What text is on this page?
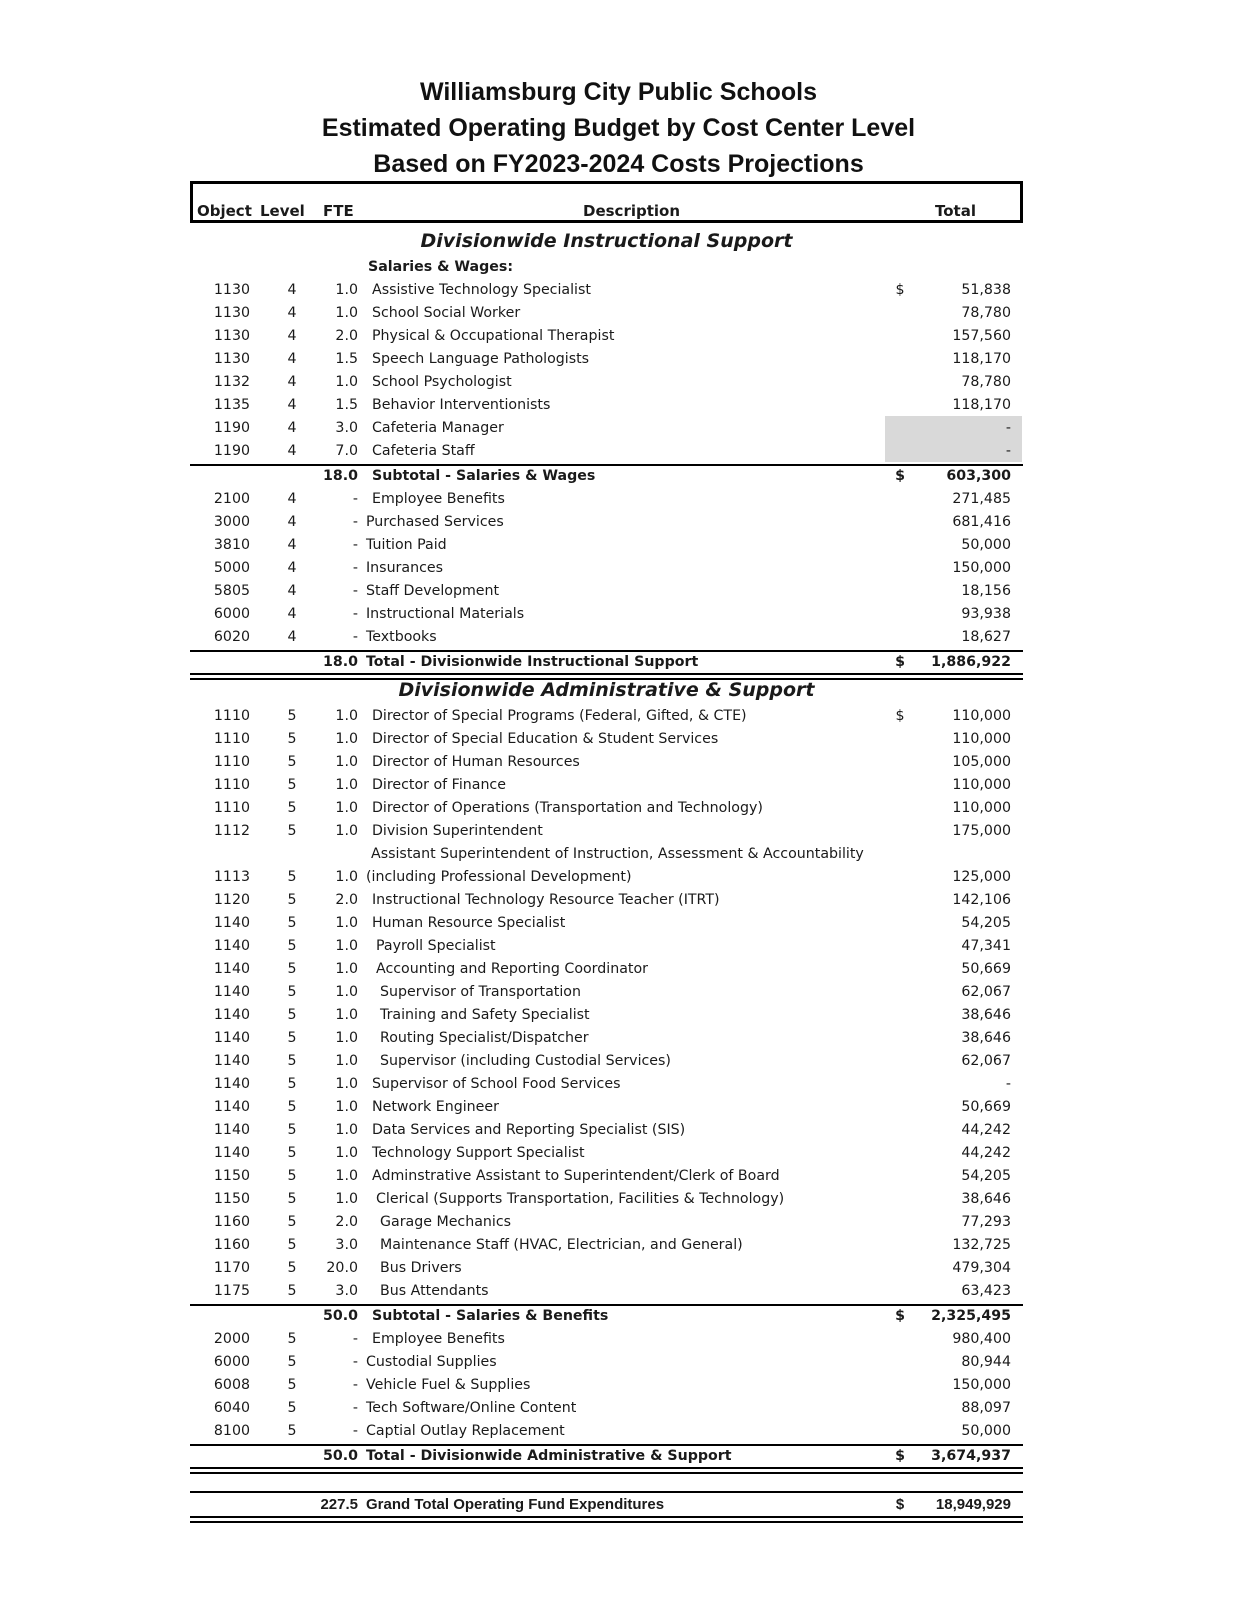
Williamsburg City Public Schools
Estimated Operating Budget by Cost Center Level
Based on FY2023-2024 Costs Projections
Object Level FTE	Description	Total
Divisionwide Instructional Support
Salaries & Wages:
1130	4	1.0 Assistive Technology Specialist	$	51,838
1130	4	1.0 School Social Worker	78,780
1130	4	2.0 Physical & Occupational Therapist	157,560
1130	4	1.5 Speech Language Pathologists	118,170
1132	4	1.0 School Psychologist	78,780
1135	4	1.5 Behavior Interventionists	118,170
1190	4	3.0 Cafeteria Manager	-
1190	4	7.0 Cafeteria Staff	-
18.0 Subtotal - Salaries & Wages	$	603,300
2100	4	- Employee Benefits	271,485
3000	4	- Purchased Services	681,416
3810	4	- Tuition Paid	50,000
5000	4	- Insurances	150,000
5805	4	- Staff Development	18,156
6000	4	- Instructional Materials	93,938
6020	4	- Textbooks	18,627
18.0 Total - Divisionwide Instructional Support	$	1,886,922
Divisionwide Administrative & Support
1110	5	1.0 Director of Special Programs (Federal, Gifted, & CTE)	$	110,000
1110	5	1.0 Director of Special Education & Student Services	110,000
1110	5	1.0 Director of Human Resources	105,000
1110	5	1.0 Director of Finance	110,000
1110	5	1.0 Director of Operations (Transportation and Technology)	110,000
1112	5	1.0 Division Superintendent	175,000
Assistant Superintendent of Instruction, Assessment & Accountability
1113	5	1.0 (including Professional Development)	125,000
1120	5	2.0 Instructional Technology Resource Teacher (ITRT)	142,106
1140	5	1.0 Human Resource Specialist	54,205
1140	5	1.0 Payroll Specialist	47,341
1140	5	1.0 Accounting and Reporting Coordinator	50,669
1140	5	1.0 Supervisor of Transportation	62,067
1140	5	1.0 Training and Safety Specialist	38,646
1140	5	1.0 Routing Specialist/Dispatcher	38,646
1140	5	1.0 Supervisor (including Custodial Services)	62,067
1140	5	1.0 Supervisor of School Food Services	-
1140	5	1.0 Network Engineer	50,669
1140	5	1.0 Data Services and Reporting Specialist (SIS)	44,242
1140	5	1.0 Technology Support Specialist	44,242
1150	5	1.0 Adminstrative Assistant to Superintendent/Clerk of Board	54,205
1150	5	1.0 Clerical (Supports Transportation, Facilities & Technology)	38,646
1160	5	2.0 Garage Mechanics	77,293
1160	5	3.0 Maintenance Staff (HVAC, Electrician, and General)	132,725
1170	5	20.0 Bus Drivers	479,304
1175	5	3.0 Bus Attendants	63,423
50.0 Subtotal - Salaries & Benefits	$	2,325,495
2000	5	- Employee Benefits	980,400
6000	5	- Custodial Supplies	80,944
6008	5	- Vehicle Fuel & Supplies	150,000
6040	5	- Tech Software/Online Content	88,097
8100	5	- Captial Outlay Replacement	50,000
50.0 Total - Divisionwide Administrative & Support	$	3,674,937
227.5 Grand Total Operating Fund Expenditures	$	18,949,929
